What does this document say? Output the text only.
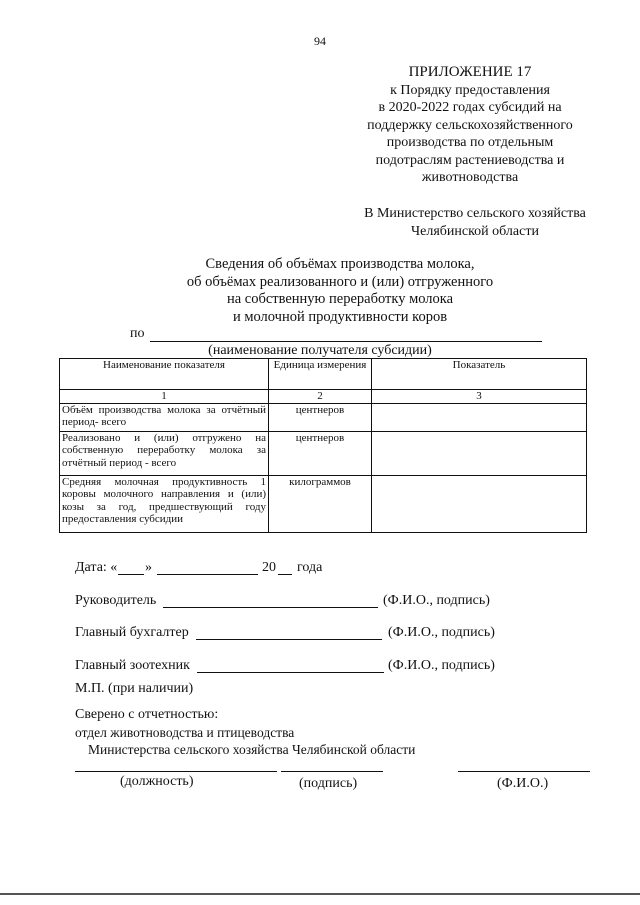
94
ПРИЛОЖЕНИЕ 17
к Порядку предоставления
в 2020-2022 годах субсидий на
поддержку сельскохозяйственного
производства по отдельным
подотраслям растениеводства и
животноводства
В Министерство сельского хозяйства
Челябинской области
Сведения об объёмах производства молока,
об объёмах реализованного и (или) отгруженного
на собственную переработку молока
и молочной продуктивности коров
по
(наименование получателя субсидии)
Наименование показателя	Единица измерения	Показатель
1	2	3
Объём производства молока за отчётный период- всего	центнеров	
Реализовано и (или) отгружено на собственную переработку молока за отчётный период - всего	центнеров	
Средняя молочная продуктивность 1 коровы молочного направления и (или) козы за год, предшествующий году предоставления субсидии	килограммов	
Дата: « »	20 года
Руководитель	(Ф.И.О., подпись)
Главный бухгалтер	(Ф.И.О., подпись)
Главный зоотехник	(Ф.И.О., подпись)
М.П. (при наличии)
Сверено с отчетностью:
отдел животноводства и птицеводства
Министерства сельского хозяйства Челябинской области
(должность)	(подпись)	(Ф.И.О.)
